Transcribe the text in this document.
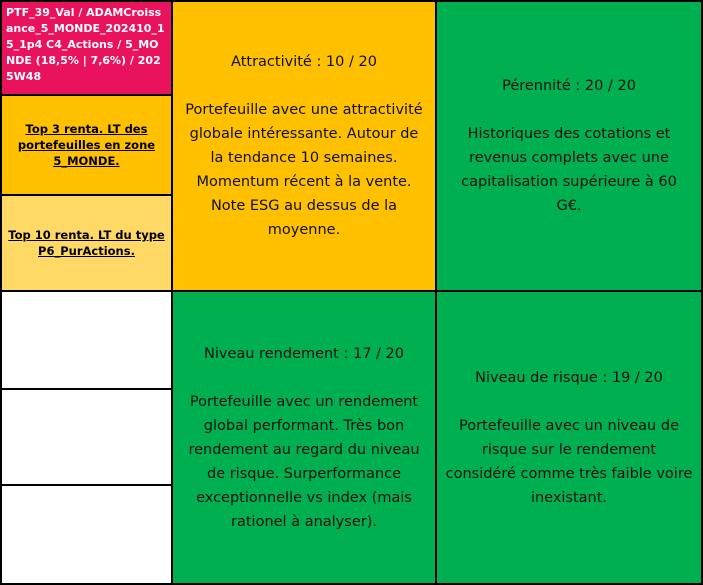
PTF_39_Val / ADAMCroissance_5_MONDE_202410_15_1p4 C4_Actions / 5_MONDE (18,5% | 7,6%) / 2025W48
Top 3 renta. LT des portefeuilles en zone 5_MONDE.
Top 10 renta. LT du type P6_PurActions.
Attractivité : 10 / 20
Portefeuille avec une attractivité globale intéressante. Autour de la tendance 10 semaines. Momentum récent à la vente. Note ESG au dessus de la moyenne.
Pérennité : 20 / 20
Historiques des cotations et revenus complets avec une capitalisation supérieure à 60 G€.
Niveau rendement : 17 / 20
Portefeuille avec un rendement global performant. Très bon rendement au regard du niveau de risque. Surperformance exceptionnelle vs index (mais rationel à analyser).
Niveau de risque : 19 / 20
Portefeuille avec un niveau de risque sur le rendement considéré comme très faible voire inexistant.
